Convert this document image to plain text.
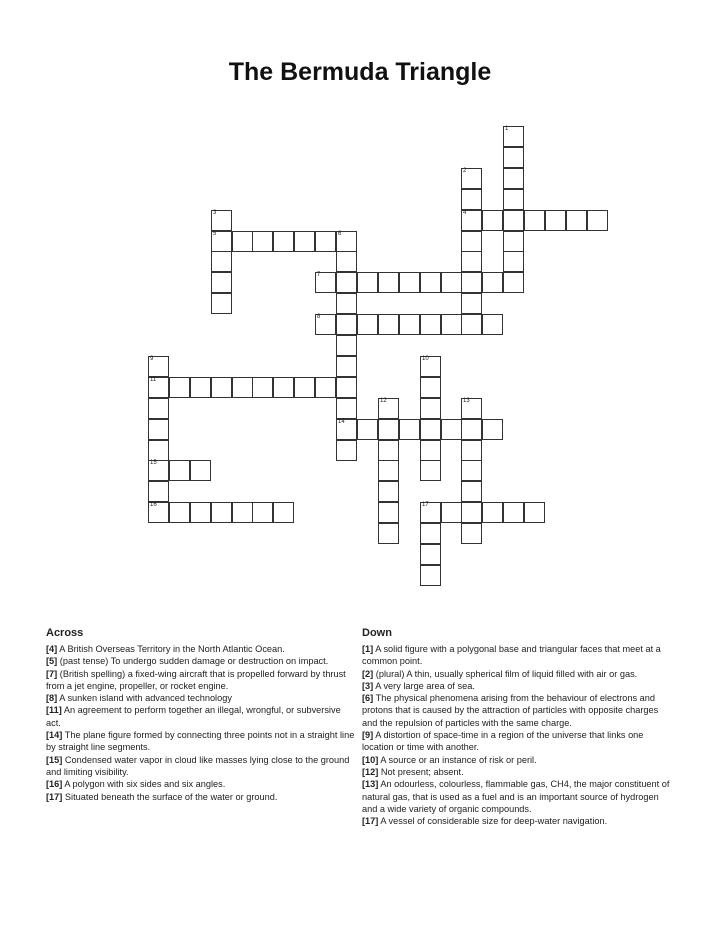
The Bermuda Triangle
1
2
4
3
5	6
14
7
8
9
11
15
10
12	13
16	17
Across

[4] A British Overseas Territory in the North Atlantic Ocean.

[5] (past tense) To undergo sudden damage or destruction on impact.

[7] (British spelling) a fixed-wing aircraft that is propelled forward by thrust from a jet engine, propeller, or rocket engine.

[8] A sunken island with advanced technology

[11] An agreement to perform together an illegal, wrongful, or subversive act.

[14] The plane figure formed by connecting three points not in a straight line by straight line segments.

[15] Condensed water vapor in cloud like masses lying close to the ground and limiting visibility.

[16] A polygon with six sides and six angles.

[17] Situated beneath the surface of the water or ground.

Down

[1] A solid figure with a polygonal base and triangular faces that meet at a common point.

[2] (plural) A thin, usually spherical film of liquid filled with air or gas.

[3] A very large area of sea.

[6] The physical phenomena arising from the behaviour of electrons and protons that is caused by the attraction of particles with opposite charges and the repulsion of particles with the same charge.

[9] A distortion of space-time in a region of the universe that links one location or time with another.

[10] A source or an instance of risk or peril.

[12] Not present; absent.

[13] An odourless, colourless, flammable gas, CH4, the major constituent of natural gas, that is used as a fuel and is an important source of hydrogen and a wide variety of organic compounds.

[17] A vessel of considerable size for deep-water navigation.
